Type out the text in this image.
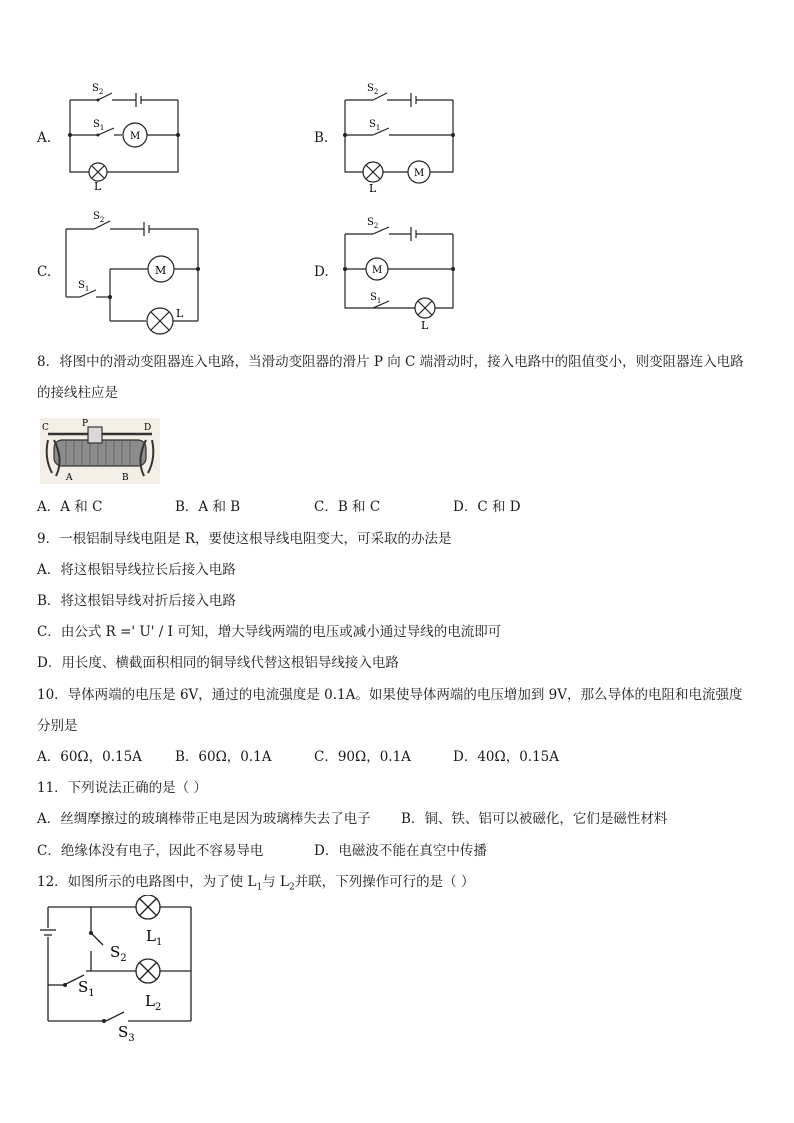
A.
$S_2$
$S_1$
M
L
B.
$S_2$
$S_1$
M
L
C.
$S_2$
$S_1$
M
L
D.
$S_2$
$S_1$
M
L
8．将图中的滑动变阻器连入电路，当滑动变阻器的滑片 P 向 C 端滑动时，接入电路中的阻值变小，则变阻器连入电路
的接线柱应是
C	P	D
A	B
A．A 和 C	B．A 和 B	C．B 和 C	D．C 和 D
9．一根铝制导线电阻是 R，要使这根导线电阻变大，可采取的办法是
A．将这根铝导线拉长后接入电路
B．将这根铝导线对折后接入电路
C．由公式 R =' U' / I 可知，增大导线两端的电压或减小通过导线的电流即可
D．用长度、横截面积相同的铜导线代替这根铝导线接入电路
10．导体两端的电压是 6V，通过的电流强度是 0.1A。如果使导体两端的电压增加到 9V，那么导体的电阻和电流强度
分别是
A．60Ω，0.15A B．60Ω，0.1A	C．90Ω，0.1A	D．40Ω，0.15A
11．下列说法正确的是（ ）
A．丝绸摩擦过的玻璃棒带正电是因为玻璃棒失去了电子 B．铜、铁、铝可以被磁化，它们是磁性材料
C．绝缘体没有电子，因此不容易导电	D．电磁波不能在真空中传播
12．如图所示的电路图中，为了使 $L_1$与 $L_2$并联，下列操作可行的是（ ）
$L_1$
$S_2$
$S_1$	$L_2$
$S_3$
